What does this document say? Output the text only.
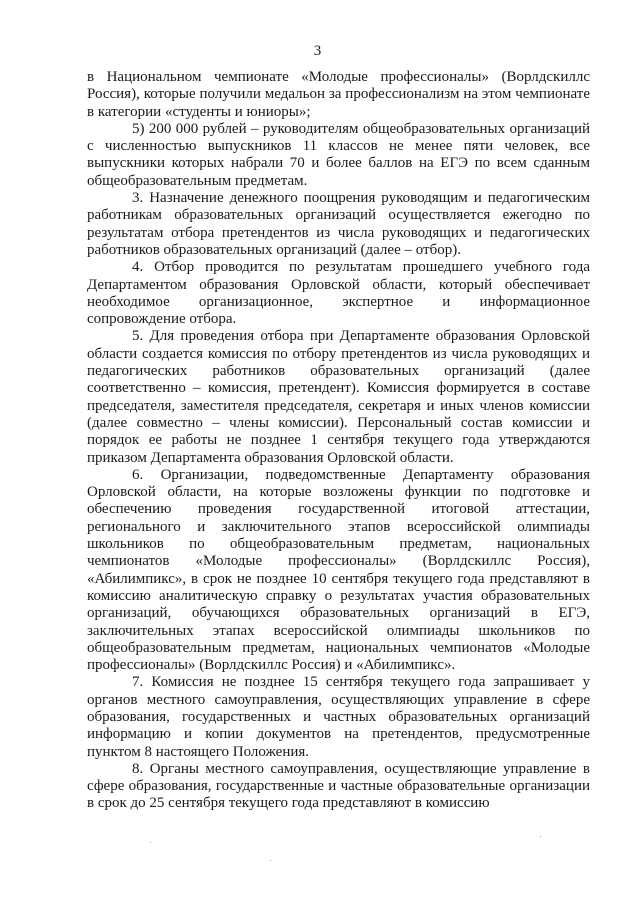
3

в Национальном чемпионате «Молодые профессионалы» (Ворлдскиллс Россия), которые получили медальон за профессионализм на этом чемпионате в категории «студенты и юниоры»;

5) 200 000 рублей – руководителям общеобразовательных организаций с численностью выпускников 11 классов не менее пяти человек, все выпускники которых набрали 70 и более баллов на ЕГЭ по всем сданным общеобразовательным предметам.

3. Назначение денежного поощрения руководящим и педагогическим работникам образовательных организаций осуществляется ежегодно по результатам отбора претендентов из числа руководящих и педагогических работников образовательных организаций (далее – отбор).

4. Отбор проводится по результатам прошедшего учебного года Департаментом образования Орловской области, который обеспечивает необходимое организационное, экспертное и информационное сопровождение отбора.

5. Для проведения отбора при Департаменте образования Орловской области создается комиссия по отбору претендентов из числа руководящих и педагогических работников образовательных организаций (далее соответственно – комиссия, претендент). Комиссия формируется в составе председателя, заместителя председателя, секретаря и иных членов комиссии (далее совместно – члены комиссии). Персональный состав комиссии и порядок ее работы не позднее 1 сентября текущего года утверждаются приказом Департамента образования Орловской области.

6. Организации, подведомственные Департаменту образования Орловской области, на которые возложены функции по подготовке и обеспечению проведения государственной итоговой аттестации, регионального и заключительного этапов всероссийской олимпиады школьников по общеобразовательным предметам, национальных чемпионатов «Молодые профессионалы» (Ворлдскиллс Россия), «Абилимпикс», в срок не позднее 10 сентября текущего года представляют в комиссию аналитическую справку о результатах участия образовательных организаций, обучающихся образовательных организаций в ЕГЭ, заключительных этапах всероссийской олимпиады школьников по общеобразовательным предметам, национальных чемпионатов «Молодые профессионалы» (Ворлдскиллс Россия) и «Абилимпикс».

7. Комиссия не позднее 15 сентября текущего года запрашивает у органов местного самоуправления, осуществляющих управление в сфере образования, государственных и частных образовательных организаций информацию и копии документов на претендентов, предусмотренные пунктом 8 настоящего Положения.

8. Органы местного самоуправления, осуществляющие управление в сфере образования, государственные и частные образовательные организации в срок до 25 сентября текущего года представляют в комиссию
